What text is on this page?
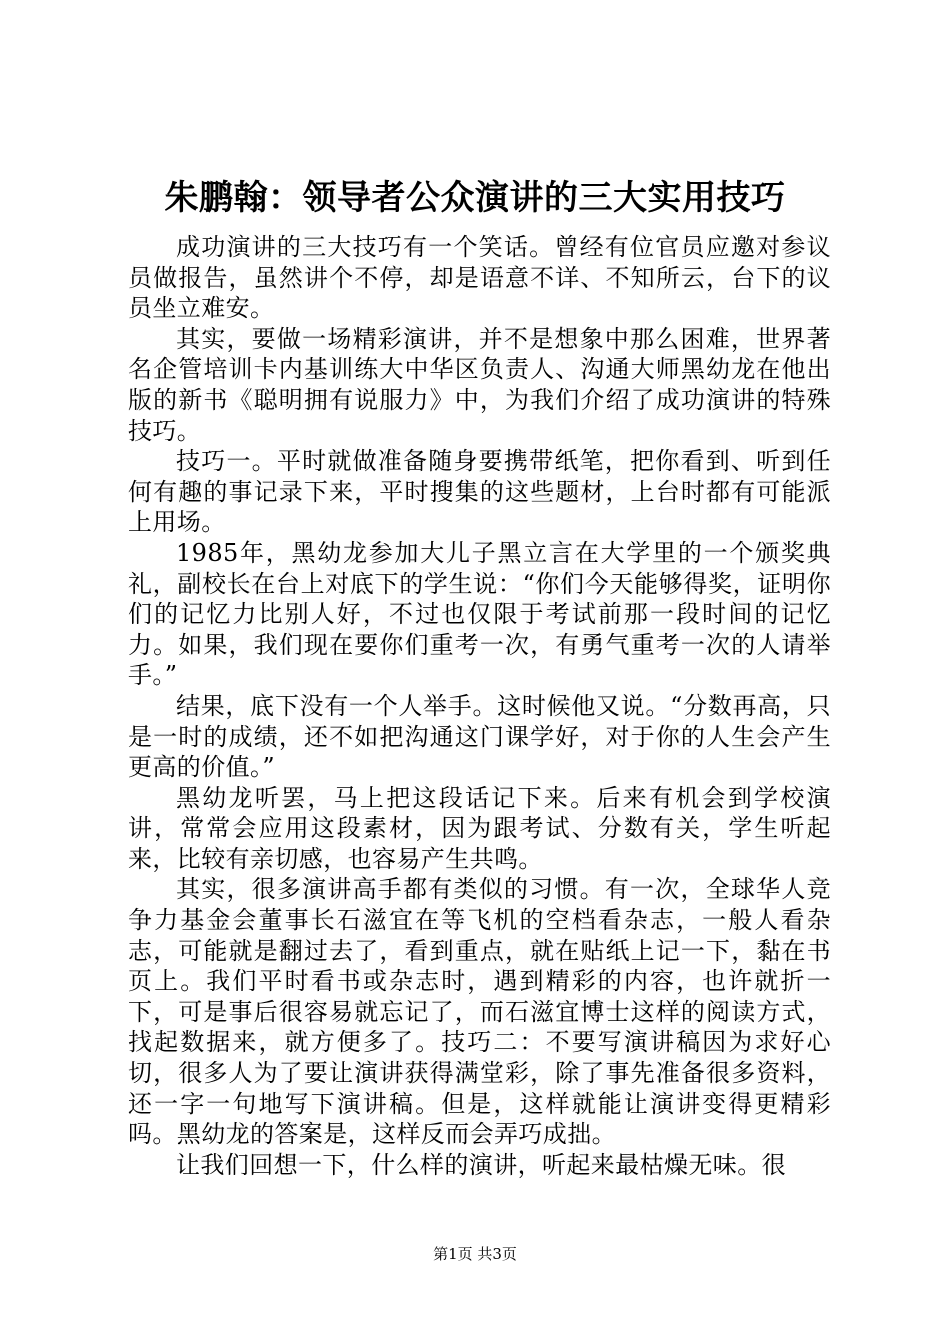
朱鹏翰：领导者公众演讲的三大实用技巧

成功演讲的三大技巧有一个笑话。曾经有位官员应邀对参议员做报告，虽然讲个不停，却是语意不详、不知所云，台下的议员坐立难安。

其实，要做一场精彩演讲，并不是想象中那么困难，世界著名企管培训卡内基训练大中华区负责人、沟通大师黑幼龙在他出版的新书《聪明拥有说服力》中，为我们介绍了成功演讲的特殊技巧。

技巧一。平时就做准备随身要携带纸笔，把你看到、听到任何有趣的事记录下来，平时搜集的这些题材，上台时都有可能派上用场。

1985年，黑幼龙参加大儿子黑立言在大学里的一个颁奖典礼，副校长在台上对底下的学生说：“你们今天能够得奖，证明你们的记忆力比别人好，不过也仅限于考试前那一段时间的记忆力。如果，我们现在要你们重考一次，有勇气重考一次的人请举手。”

结果，底下没有一个人举手。这时候他又说。“分数再高，只是一时的成绩，还不如把沟通这门课学好，对于你的人生会产生更高的价值。”

黑幼龙听罢，马上把这段话记下来。后来有机会到学校演讲，常常会应用这段素材，因为跟考试、分数有关，学生听起来，比较有亲切感，也容易产生共鸣。

其实，很多演讲高手都有类似的习惯。有一次，全球华人竞争力基金会董事长石滋宜在等飞机的空档看杂志，一般人看杂志，可能就是翻过去了，看到重点，就在贴纸上记一下，黏在书页上。我们平时看书或杂志时，遇到精彩的内容，也许就折一下，可是事后很容易就忘记了，而石滋宜博士这样的阅读方式，找起数据来，就方便多了。技巧二：不要写演讲稿因为求好心切，很多人为了要让演讲获得满堂彩，除了事先准备很多资料，还一字一句地写下演讲稿。但是，这样就能让演讲变得更精彩吗。黑幼龙的答案是，这样反而会弄巧成拙。

让我们回想一下，什么样的演讲，听起来最枯燥无味。很

第1页 共3页
